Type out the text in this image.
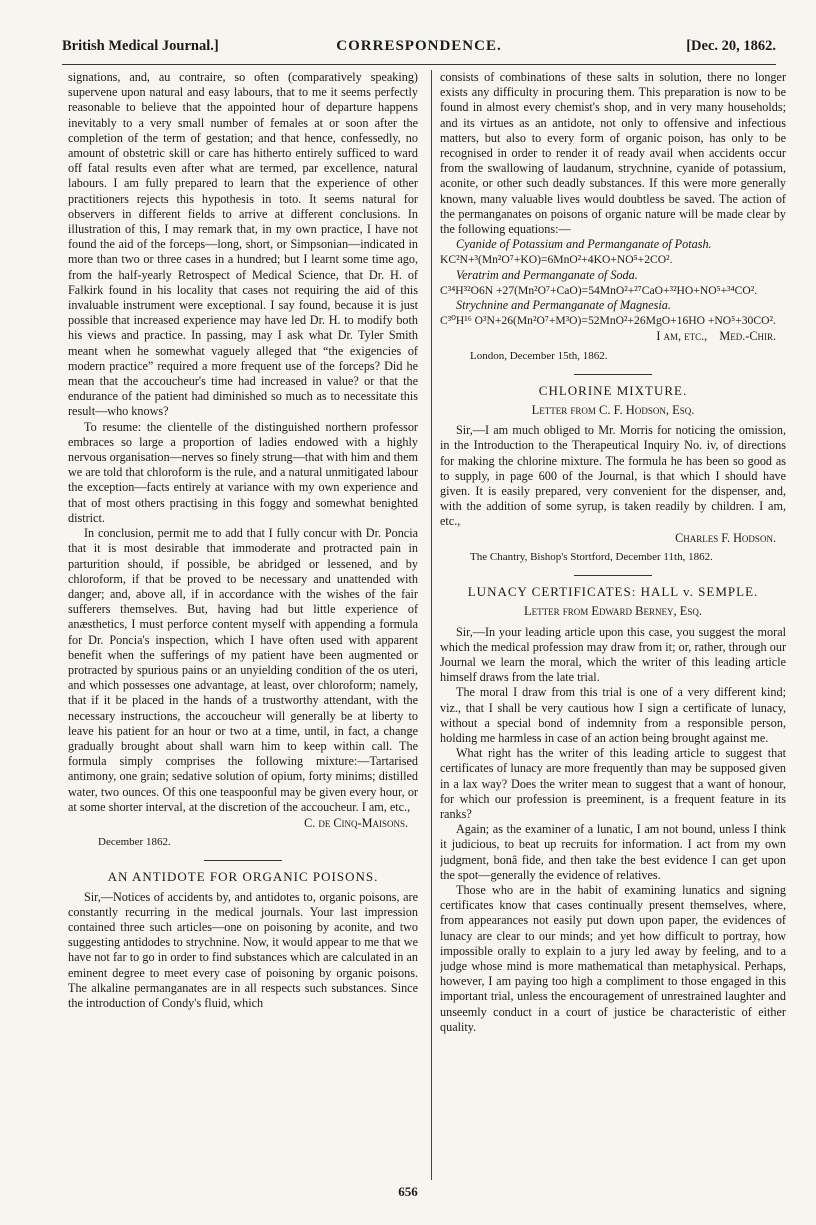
British Medical Journal.]	CORRESPONDENCE.	[Dec. 20, 1862.

signations, and, au contraire, so often (comparatively speaking) supervene upon natural and easy labours, that to me it seems perfectly reasonable to believe that the appointed hour of departure happens inevitably to a very small number of females at or soon after the completion of the term of gestation; and that hence, confessedly, no amount of obstetric skill or care has hitherto entirely sufficed to ward off fatal results even after what are termed, par excellence, natural labours. I am fully prepared to learn that the experience of other practitioners rejects this hypothesis in toto. It seems natural for observers in different fields to arrive at different conclusions. In illustration of this, I may remark that, in my own practice, I have not found the aid of the forceps—long, short, or Simpsonian—indicated in more than two or three cases in a hundred; but I learnt some time ago, from the half-yearly Retrospect of Medical Science, that Dr. H. of Falkirk found in his locality that cases not requiring the aid of this invaluable instrument were exceptional. I say found, because it is just possible that increased experience may have led Dr. H. to modify both his views and practice. In passing, may I ask what Dr. Tyler Smith meant when he somewhat vaguely alleged that “the exigencies of modern practice” required a more frequent use of the forceps? Did he mean that the accoucheur's time had increased in value? or that the endurance of the patient had diminished so much as to necessitate this result—who knows?

To resume: the clientelle of the distinguished northern professor embraces so large a proportion of ladies endowed with a highly nervous organisation—nerves so finely strung—that with him and them we are told that chloroform is the rule, and a natural unmitigated labour the exception—facts entirely at variance with my own experience and that of most others practising in this foggy and somewhat benighted district.

In conclusion, permit me to add that I fully concur with Dr. Poncia that it is most desirable that immoderate and protracted pain in parturition should, if possible, be abridged or lessened, and by chloroform, if that be proved to be necessary and unattended with danger; and, above all, if in accordance with the wishes of the fair sufferers themselves. But, having had but little experience of anæsthetics, I must perforce content myself with appending a formula for Dr. Poncia's inspection, which I have often used with apparent benefit when the sufferings of my patient have been augmented or protracted by spurious pains or an unyielding condition of the os uteri, and which possesses one advantage, at least, over chloroform; namely, that if it be placed in the hands of a trustworthy attendant, with the necessary instructions, the accoucheur will generally be at liberty to leave his patient for an hour or two at a time, until, in fact, a change gradually brought about shall warn him to keep within call. The formula simply comprises the following mixture:—Tartarised antimony, one grain; sedative solution of opium, forty minims; distilled water, two ounces. Of this one teaspoonful may be given every hour, or at some shorter interval, at the discretion of the accoucheur. I am, etc.,

C. de Cinq-Maisons.
December 1862.
AN ANTIDOTE FOR ORGANIC POISONS.

Sir,—Notices of accidents by, and antidotes to, organic poisons, are constantly recurring in the medical journals. Your last impression contained three such articles—one on poisoning by aconite, and two suggesting antidodes to strychnine. Now, it would appear to me that we have not far to go in order to find substances which are calculated in an eminent degree to meet every case of poisoning by organic poisons. The alkaline permanganates are in all respects such substances. Since the introduction of Condy's fluid, which

consists of combinations of these salts in solution, there no longer exists any difficulty in procuring them. This preparation is now to be found in almost every chemist's shop, and in very many households; and its virtues as an antidote, not only to offensive and infectious matters, but also to every form of organic poison, has only to be recognised in order to render it of ready avail when accidents occur from the swallowing of laudanum, strychnine, cyanide of potassium, aconite, or other such deadly substances. If this were more generally known, many valuable lives would doubtless be saved. The action of the permanganates on poisons of organic nature will be made clear by the following equations:—

Cyanide of Potassium and Permanganate of Potash.

KC²N+³(Mn²O⁷+KO)=6MnO²+4KO+NO⁵+2CO².

Veratrim and Permanganate of Soda.

C³⁴H³²O6N +27(Mn²O⁷+CaO)=54MnO²+²⁷CaO+³²HO+NO⁵+³⁴CO².

Strychnine and Permanganate of Magnesia.

C³⁰H¹⁶ O³N+26(Mn²O⁷+M³O)=52MnO²+26MgO+16HO +NO⁵+30CO².

I am, etc., Med.-Chir.
London, December 15th, 1862.
CHLORINE MIXTURE.
Letter from C. F. Hodson, Esq.

Sir,—I am much obliged to Mr. Morris for noticing the omission, in the Introduction to the Therapeutical Inquiry No. iv, of directions for making the chlorine mixture. The formula he has been so good as to supply, in page 600 of the Journal, is that which I should have given. It is easily prepared, very convenient for the dispenser, and, with the addition of some syrup, is taken readily by children. I am, etc.,

Charles F. Hodson.
The Chantry, Bishop's Stortford, December 11th, 1862.
LUNACY CERTIFICATES: HALL v. SEMPLE.
Letter from Edward Berney, Esq.

Sir,—In your leading article upon this case, you suggest the moral which the medical profession may draw from it; or, rather, through our Journal we learn the moral, which the writer of this leading article himself draws from the late trial.

The moral I draw from this trial is one of a very different kind; viz., that I shall be very cautious how I sign a certificate of lunacy, without a special bond of indemnity from a responsible person, holding me harmless in case of an action being brought against me.

What right has the writer of this leading article to suggest that certificates of lunacy are more frequently than may be supposed given in a lax way? Does the writer mean to suggest that a want of honour, for which our profession is preeminent, is a frequent feature in its ranks?

Again; as the examiner of a lunatic, I am not bound, unless I think it judicious, to beat up recruits for information. I act from my own judgment, bonâ fide, and then take the best evidence I can get upon the spot—generally the evidence of relatives.

Those who are in the habit of examining lunatics and signing certificates know that cases continually present themselves, where, from appearances not easily put down upon paper, the evidences of lunacy are clear to our minds; and yet how difficult to portray, how impossible orally to explain to a jury led away by feeling, and to a judge whose mind is more mathematical than metaphysical. Perhaps, however, I am paying too high a compliment to those engaged in this important trial, unless the encouragement of unrestrained laughter and unseemly conduct in a court of justice be characteristic of either quality.

656
